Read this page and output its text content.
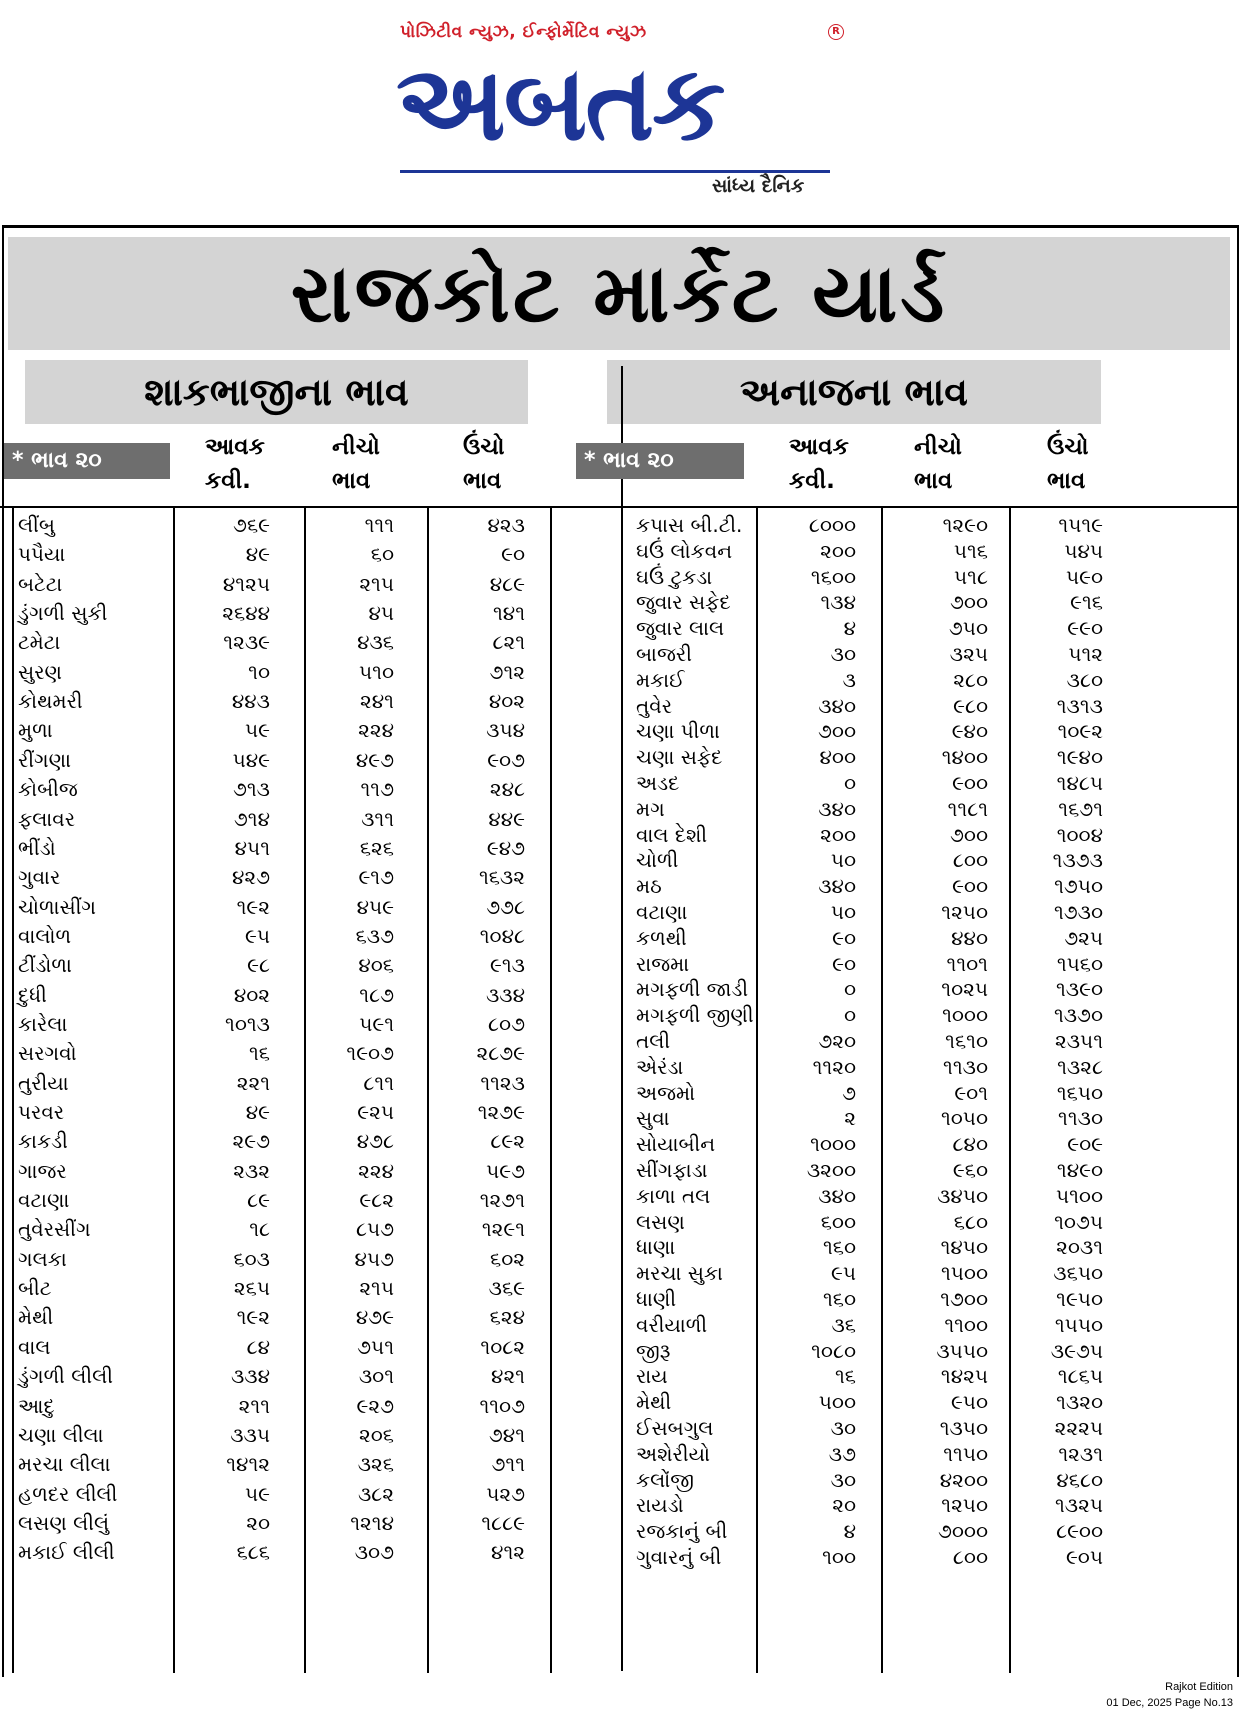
પોઝિટીવ ન્યુઝ, ઈન્ફોર્મેટિવ ન્યુઝ	R
અબતક
સાંધ્ય દૈનિક
રાજકોટ માર્કેટ યાર્ડ
શાકભાજીના ભાવ	અનાજના ભાવ
* ભાવ ૨૦
આવક
કવી.
નીચો
ભાવ
ઉંચો
ભાવ
* ભાવ ૨૦
આવક
કવી.
નીચો
ભાવ
ઉંચો
ભાવ
લીંબુ	૭૬૯	૧૧૧	૪૨૩
પપૈયા	૪૯	૬૦	૯૦
બટેટા	૪૧૨૫	૨૧૫	૪૮૯
ડુંગળી સુકી	૨૬૪૪	૪૫	૧૪૧
ટમેટા	૧૨૩૯	૪૩૬	૮૨૧
સુરણ	૧૦	૫૧૦	૭૧૨
કોથમરી	૪૪૩	૨૪૧	૪૦૨
મુળા	૫૯	૨૨૪	૩૫૪
રીંગણા	૫૪૯	૪૯૭	૯૦૭
કોબીજ	૭૧૩	૧૧૭	૨૪૮
ફલાવર	૭૧૪	૩૧૧	૪૪૯
ભીંડો	૪૫૧	૬૨૬	૯૪૭
ગુવાર	૪૨૭	૯૧૭	૧૬૩૨
ચોળાસીંગ	૧૯૨	૪૫૯	૭૭૮
વાલોળ	૯૫	૬૩૭	૧૦૪૮
ટીંડોળા	૯૮	૪૦૬	૯૧૩
દુધી	૪૦૨	૧૮૭	૩૩૪
કારેલા	૧૦૧૩	૫૯૧	૮૦૭
સરગવો	૧૬	૧૯૦૭	૨૮૭૯
તુરીયા	૨૨૧	૮૧૧	૧૧૨૩
પરવર	૪૯	૯૨૫	૧૨૭૯
કાકડી	૨૯૭	૪૭૮	૮૯૨
ગાજર	૨૩૨	૨૨૪	૫૯૭
વટાણા	૮૯	૯૮૨	૧૨૭૧
તુવેરસીંગ	૧૮	૮૫૭	૧૨૯૧
ગલકા	૬૦૩	૪૫૭	૬૦૨
બીટ	૨૬૫	૨૧૫	૩૬૯
મેથી	૧૯૨	૪૭૯	૬૨૪
વાલ	૮૪	૭૫૧	૧૦૮૨
ડુંગળી લીલી	૩૩૪	૩૦૧	૪૨૧
આદુ	૨૧૧	૯૨૭	૧૧૦૭
ચણા લીલા	૩૩૫	૨૦૬	૭૪૧
મરચા લીલા	૧૪૧૨	૩૨૬	૭૧૧
હળદર લીલી	૫૯	૩૮૨	૫૨૭
લસણ લીલું	૨૦	૧૨૧૪	૧૮૮૯
મકાઈ લીલી	૬૮૬	૩૦૭	૪૧૨
કપાસ બી.ટી.	૮૦૦૦	૧૨૯૦	૧૫૧૯
ઘઉં લોકવન	૨૦૦	૫૧૬	૫૪૫
ઘઉં ટુકડા	૧૬૦૦	૫૧૮	૫૯૦
જુવાર સફેદ	૧૩૪	૭૦૦	૯૧૬
જુવાર લાલ	૪	૭૫૦	૯૯૦
બાજરી	૩૦	૩૨૫	૫૧૨
મકાઈ	૩	૨૮૦	૩૮૦
તુવેર	૩૪૦	૯૮૦	૧૩૧૩
ચણા પીળા	૭૦૦	૯૪૦	૧૦૯૨
ચણા સફેદ	૪૦૦	૧૪૦૦	૧૯૪૦
અડદ	૦	૯૦૦	૧૪૮૫
મગ	૩૪૦	૧૧૮૧	૧૬૭૧
વાલ દેશી	૨૦૦	૭૦૦	૧૦૦૪
ચોળી	૫૦	૮૦૦	૧૩૭૩
મઠ	૩૪૦	૯૦૦	૧૭૫૦
વટાણા	૫૦	૧૨૫૦	૧૭૩૦
કળથી	૯૦	૪૪૦	૭૨૫
રાજમા	૯૦	૧૧૦૧	૧૫૬૦
મગફળી જાડી	૦	૧૦૨૫	૧૩૯૦
મગફળી જીણી	૦	૧૦૦૦	૧૩૭૦
તલી	૭૨૦	૧૬૧૦	૨૩૫૧
એરંડા	૧૧૨૦	૧૧૩૦	૧૩૨૮
અજમો	૭	૯૦૧	૧૬૫૦
સુવા	૨	૧૦૫૦	૧૧૩૦
સોયાબીન	૧૦૦૦	૮૪૦	૯૦૯
સીંગફાડા	૩૨૦૦	૯૬૦	૧૪૯૦
કાળા તલ	૩૪૦	૩૪૫૦	૫૧૦૦
લસણ	૬૦૦	૬૮૦	૧૦૭૫
ધાણા	૧૬૦	૧૪૫૦	૨૦૩૧
મરચા સુકા	૯૫	૧૫૦૦	૩૬૫૦
ધાણી	૧૬૦	૧૭૦૦	૧૯૫૦
વરીયાળી	૩૬	૧૧૦૦	૧૫૫૦
જીરૂ	૧૦૮૦	૩૫૫૦	૩૯૭૫
રાય	૧૬	૧૪૨૫	૧૮૬૫
મેથી	૫૦૦	૯૫૦	૧૩૨૦
ઈસબગુલ	૩૦	૧૩૫૦	૨૨૨૫
અશેરીયો	૩૭	૧૧૫૦	૧૨૩૧
કલોંજી	૩૦	૪૨૦૦	૪૬૮૦
રાયડો	૨૦	૧૨૫૦	૧૩૨૫
રજકાનું બી	૪	૭૦૦૦	૮૯૦૦
ગુવારનું બી	૧૦૦	૮૦૦	૯૦૫
Rajkot Edition
01 Dec, 2025 Page No.13
